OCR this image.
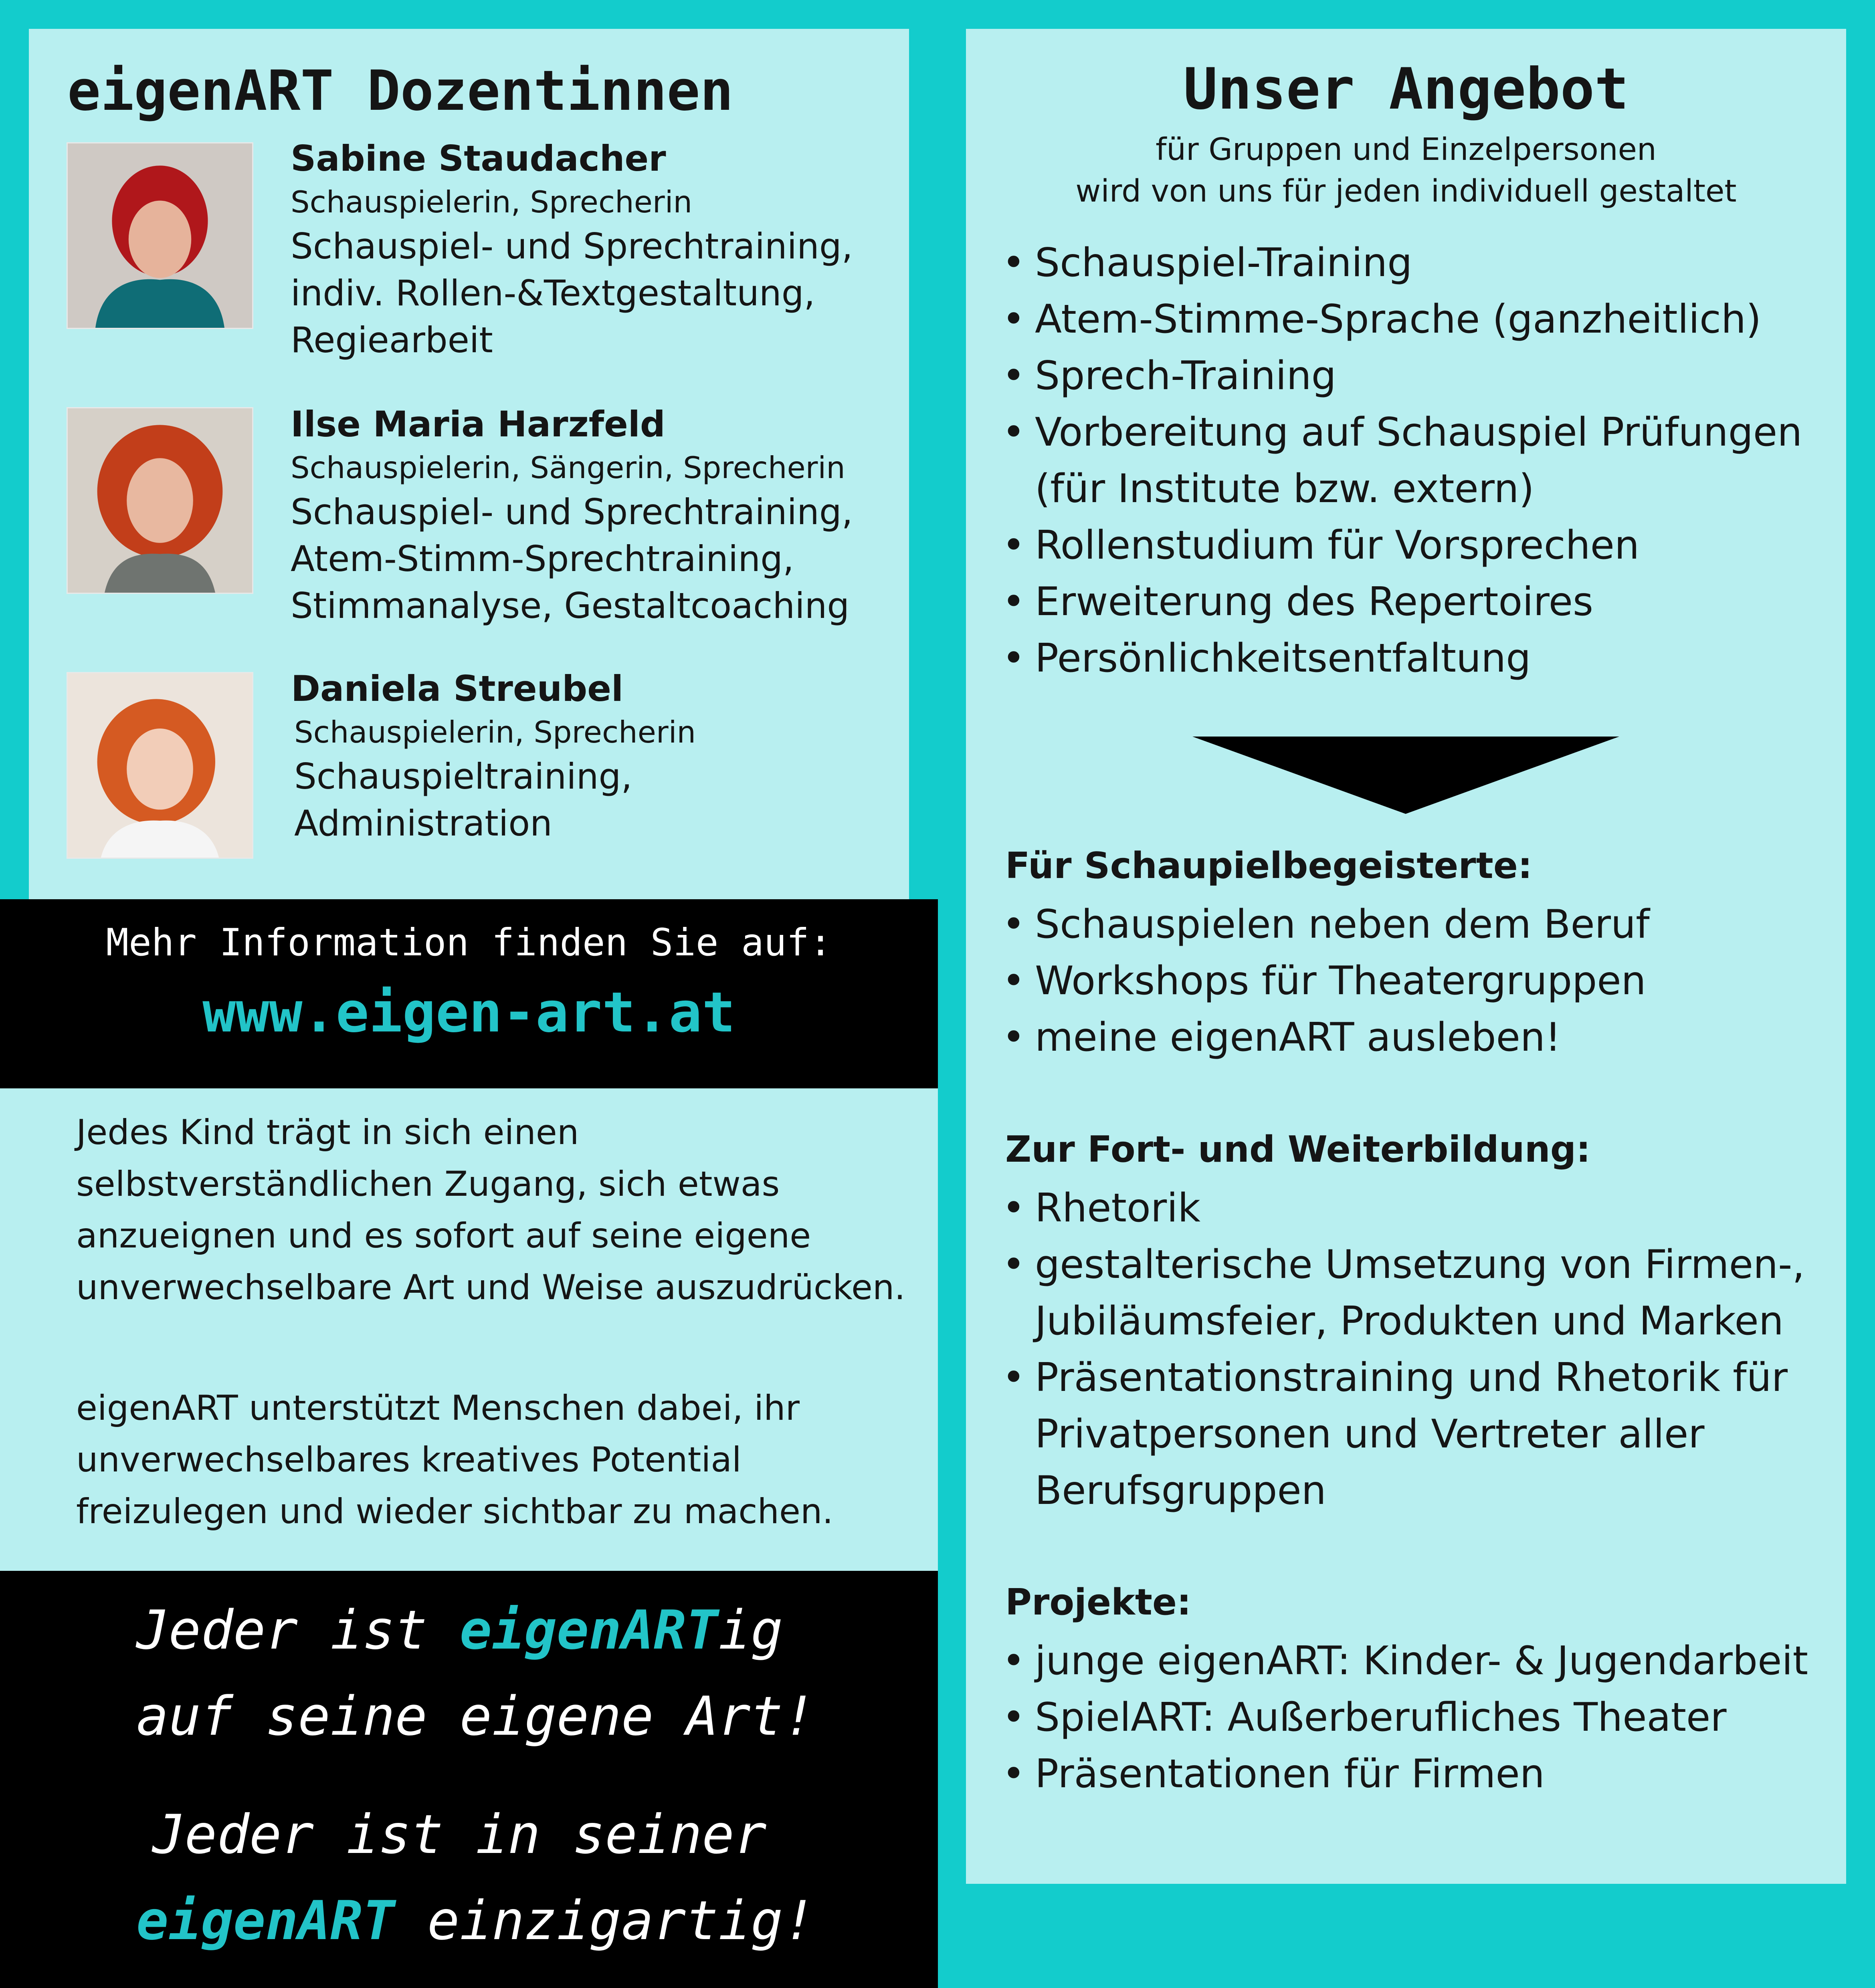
eigenART Dozentinnen
Sabine Staudacher
Schauspielerin, Sprecherin
Schauspiel- und Sprechtraining,
indiv. Rollen-&Textgestaltung,
Regiearbeit
Ilse Maria Harzfeld
Schauspielerin, Sängerin, Sprecherin
Schauspiel- und Sprechtraining,
Atem-Stimm-Sprechtraining,
Stimmanalyse, Gestaltcoaching
Daniela Streubel
Schauspielerin, Sprecherin
Schauspieltraining,
Administration
Mehr Information finden Sie auf:
www.eigen-art.at
Jedes Kind trägt in sich einen selbstverständlichen Zugang, sich etwas anzueignen und es sofort auf seine eigene unverwechselbare Art und Weise auszudrücken.
eigenART unterstützt Menschen dabei, ihr unverwechselbares kreatives Potential freizulegen und wieder sichtbar zu machen.
Jeder ist eigenARTig
auf seine eigene Art!
Jeder ist in seiner
eigenART einzigartig!
Unser Angebot
für Gruppen und Einzelpersonen
wird von uns für jeden individuell gestaltet
• Schauspiel-Training
• Atem-Stimme-Sprache (ganzheitlich)
• Sprech-Training
• Vorbereitung auf Schauspiel Prüfungen
(für Institute bzw. extern)
• Rollenstudium für Vorsprechen
• Erweiterung des Repertoires
• Persönlichkeitsentfaltung
Für Schaupielbegeisterte:
• Schauspielen neben dem Beruf
• Workshops für Theatergruppen
• meine eigenART ausleben!
Zur Fort- und Weiterbildung:
• Rhetorik
• gestalterische Umsetzung von Firmen-,
Jubiläumsfeier, Produkten und Marken
• Präsentationstraining und Rhetorik für
Privatpersonen und Vertreter aller
Berufsgruppen
Projekte:
• junge eigenART: Kinder- & Jugendarbeit
• SpielART: Außerberufliches Theater
• Präsentationen für Firmen
